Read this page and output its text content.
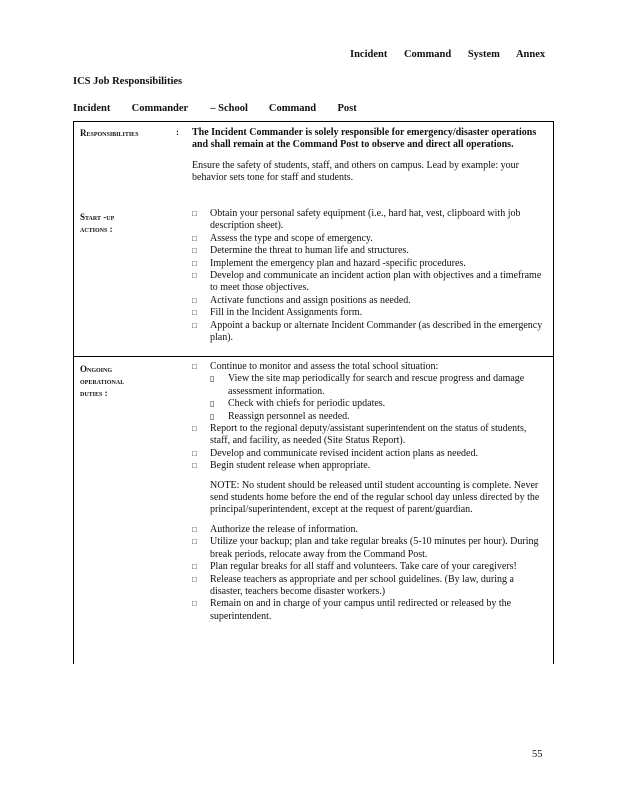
Incident Command System Annex
ICS Job Responsibilities
Incident Commander – School Command Post
Responsibilities	: The Incident Commander is solely responsible for emergency/disaster operations and shall remain at the Command Post to observe and direct all operations.
Ensure the safety of students, staff, and others on campus. Lead by example: your behavior sets tone for staff and students.
Start -up
actions :
□ Obtain your personal safety equipment (i.e., hard hat, vest, clipboard with job description sheet).
□ Assess the type and scope of emergency.
□ Determine the threat to human life and structures.
□ Implement the emergency plan and hazard -specific procedures.
□ Develop and communicate an incident action plan with objectives and a timeframe to meet those objectives.
□ Activate functions and assign positions as needed.
□ Fill in the Incident Assignments form.
□ Appoint a backup or alternate Incident Commander (as described in the emergency plan).
Ongoing
operational
duties :
□ Continue to monitor and assess the total school situation:
▯ View the site map periodically for search and rescue progress and damage assessment information.
▯ Check with chiefs for periodic updates.
▯ Reassign personnel as needed.
□ Report to the regional deputy/assistant superintendent on the status of students, staff, and facility, as needed (Site Status Report).
□ Develop and communicate revised incident action plans as needed.
□ Begin student release when appropriate.
NOTE: No student should be released until student accounting is complete. Never send students home before the end of the regular school day unless directed by the principal/superintendent, except at the request of parent/guardian.
□ Authorize the release of information.
□ Utilize your backup; plan and take regular breaks (5-10 minutes per hour). During break periods, relocate away from the Command Post.
□ Plan regular breaks for all staff and volunteers. Take care of your caregivers!
□ Release teachers as appropriate and per school guidelines. (By law, during a disaster, teachers become disaster workers.)
□ Remain on and in charge of your campus until redirected or released by the superintendent.
55
